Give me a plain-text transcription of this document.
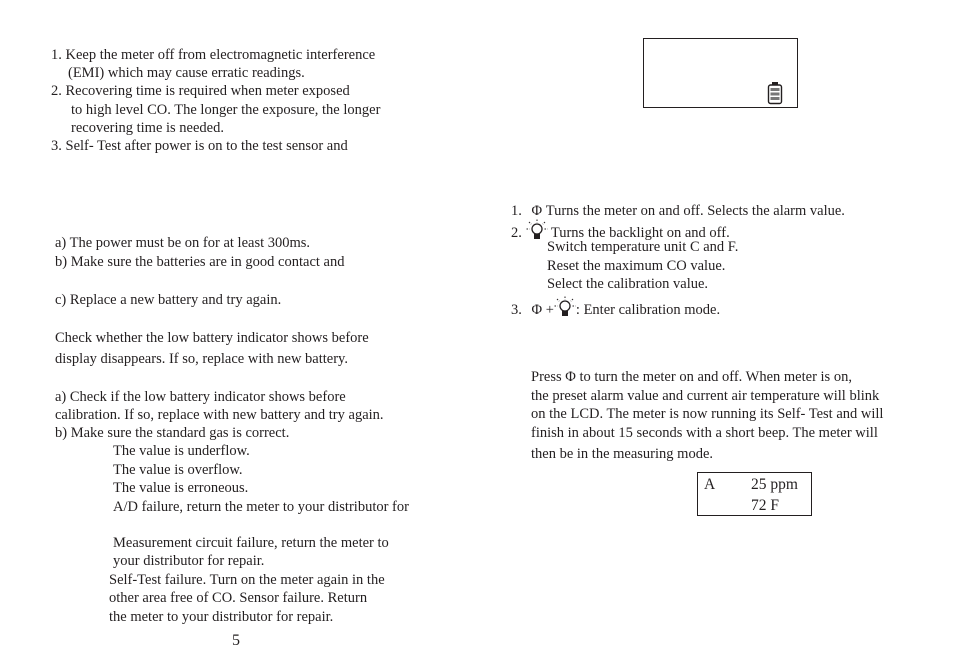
1. Keep the meter off from electromagnetic interference
(EMI) which may cause erratic readings.
2. Recovering time is required when meter exposed
to high level CO. The longer the exposure, the longer
recovering time is needed.
3. Self- Test after power is on to the test sensor and
a) The power must be on for at least 300ms.
b) Make sure the batteries are in good contact and
c) Replace a new battery and try again.
Check whether the low battery indicator shows before
display disappears. If so, replace with new battery.
a) Check if the low battery indicator shows before
calibration. If so, replace with new battery and try again.
b) Make sure the standard gas is correct.
The value is underflow.
The value is overflow.
The value is erroneous.
A/D failure, return the meter to your distributor for
Measurement circuit failure, return the meter to
your distributor for repair.
Self-Test failure. Turn on the meter again in the
other area free of CO. Sensor failure. Return
the meter to your distributor for repair.
5
1. Φ Turns the meter on and off. Selects the alarm value.
2. Turns the backlight on and off.
Switch temperature unit C and F.
Reset the maximum CO value.
Select the calibration value.
3. Φ + : Enter calibration mode.
Press Φ to turn the meter on and off. When meter is on,
the preset alarm value and current air temperature will blink
on the LCD. The meter is now running its Self- Test and will
finish in about 15 seconds with a short beep. The meter will
then be in the measuring mode.
A 25 ppm
72 F
